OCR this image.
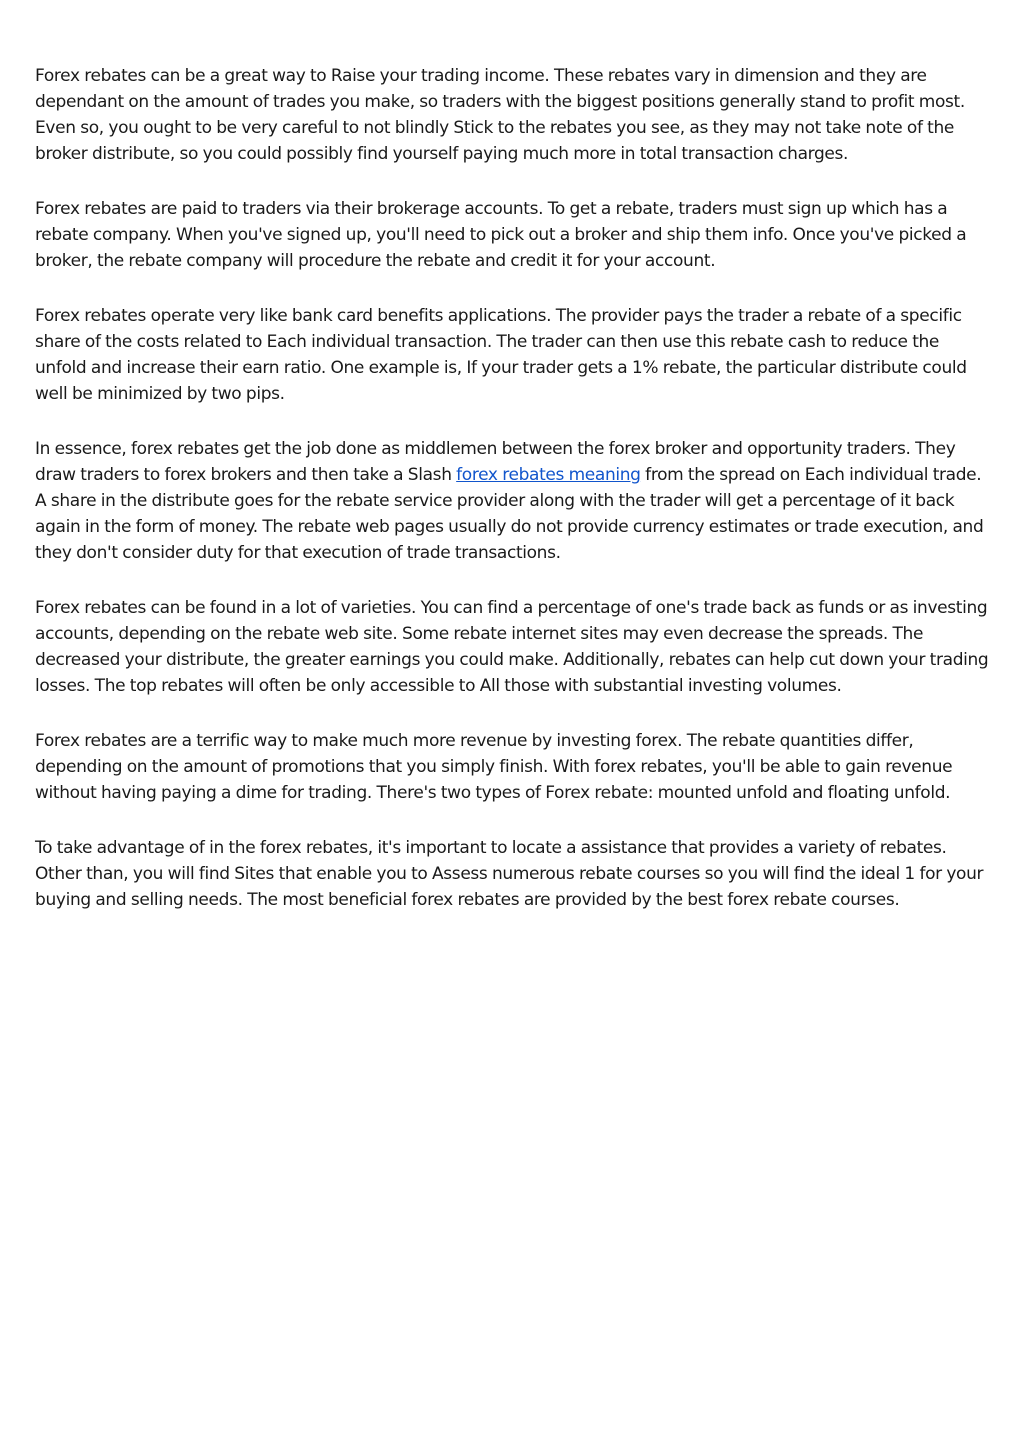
Forex rebates can be a great way to Raise your trading income. These rebates vary in dimension and they are dependant on the amount of trades you make, so traders with the biggest positions generally stand to profit most. Even so, you ought to be very careful to not blindly Stick to the rebates you see, as they may not take note of the broker distribute, so you could possibly find yourself paying much more in total transaction charges.

Forex rebates are paid to traders via their brokerage accounts. To get a rebate, traders must sign up which has a rebate company. When you've signed up, you'll need to pick out a broker and ship them info. Once you've picked a broker, the rebate company will procedure the rebate and credit it for your account.

Forex rebates operate very like bank card benefits applications. The provider pays the trader a rebate of a specific share of the costs related to Each individual transaction. The trader can then use this rebate cash to reduce the unfold and increase their earn ratio. One example is, If your trader gets a 1% rebate, the particular distribute could well be minimized by two pips.

In essence, forex rebates get the job done as middlemen between the forex broker and opportunity traders. They draw traders to forex brokers and then take a Slash forex rebates meaning from the spread on Each individual trade. A share in the distribute goes for the rebate service provider along with the trader will get a percentage of it back again in the form of money. The rebate web pages usually do not provide currency estimates or trade execution, and they don't consider duty for that execution of trade transactions.

Forex rebates can be found in a lot of varieties. You can find a percentage of one's trade back as funds or as investing accounts, depending on the rebate web site. Some rebate internet sites may even decrease the spreads. The decreased your distribute, the greater earnings you could make. Additionally, rebates can help cut down your trading losses. The top rebates will often be only accessible to All those with substantial investing volumes.

Forex rebates are a terrific way to make much more revenue by investing forex. The rebate quantities differ, depending on the amount of promotions that you simply finish. With forex rebates, you'll be able to gain revenue without having paying a dime for trading. There's two types of Forex rebate: mounted unfold and floating unfold.

To take advantage of in the forex rebates, it's important to locate a assistance that provides a variety of rebates. Other than, you will find Sites that enable you to Assess numerous rebate courses so you will find the ideal 1 for your buying and selling needs. The most beneficial forex rebates are provided by the best forex rebate courses.
